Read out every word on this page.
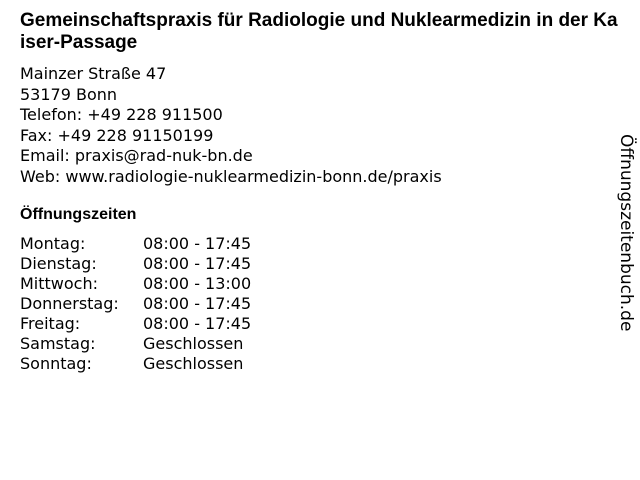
Gemeinschaftspraxis für Radiologie und Nuklearmedizin in der Kaiser-Passage
Mainzer Straße 47
53179 Bonn
Telefon: +49 228 911500
Fax: +49 228 91150199
Email: praxis@rad-nuk-bn.de
Web: www.radiologie-nuklearmedizin-bonn.de/praxis
Öffnungszeiten
Montag:	08:00 - 17:45
Dienstag:	08:00 - 17:45
Mittwoch:	08:00 - 13:00
Donnerstag:	08:00 - 17:45
Freitag:	08:00 - 17:45
Samstag:	Geschlossen
Sonntag:	Geschlossen
Öffnungszeitenbuch.de
